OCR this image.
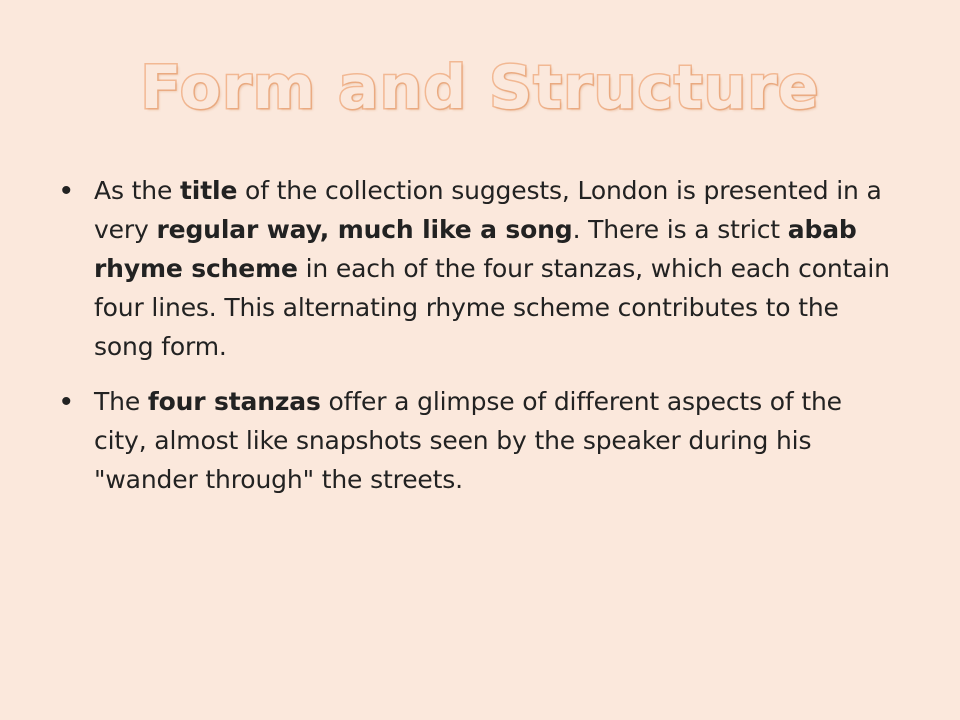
Form and Structure
• As the title of the collection suggests, London is presented in a very regular way, much like a song. There is a strict abab rhyme scheme in each of the four stanzas, which each contain four lines. This alternating rhyme scheme contributes to the song form.
• The four stanzas offer a glimpse of different aspects of the city, almost like snapshots seen by the speaker during his "wander through" the streets.
